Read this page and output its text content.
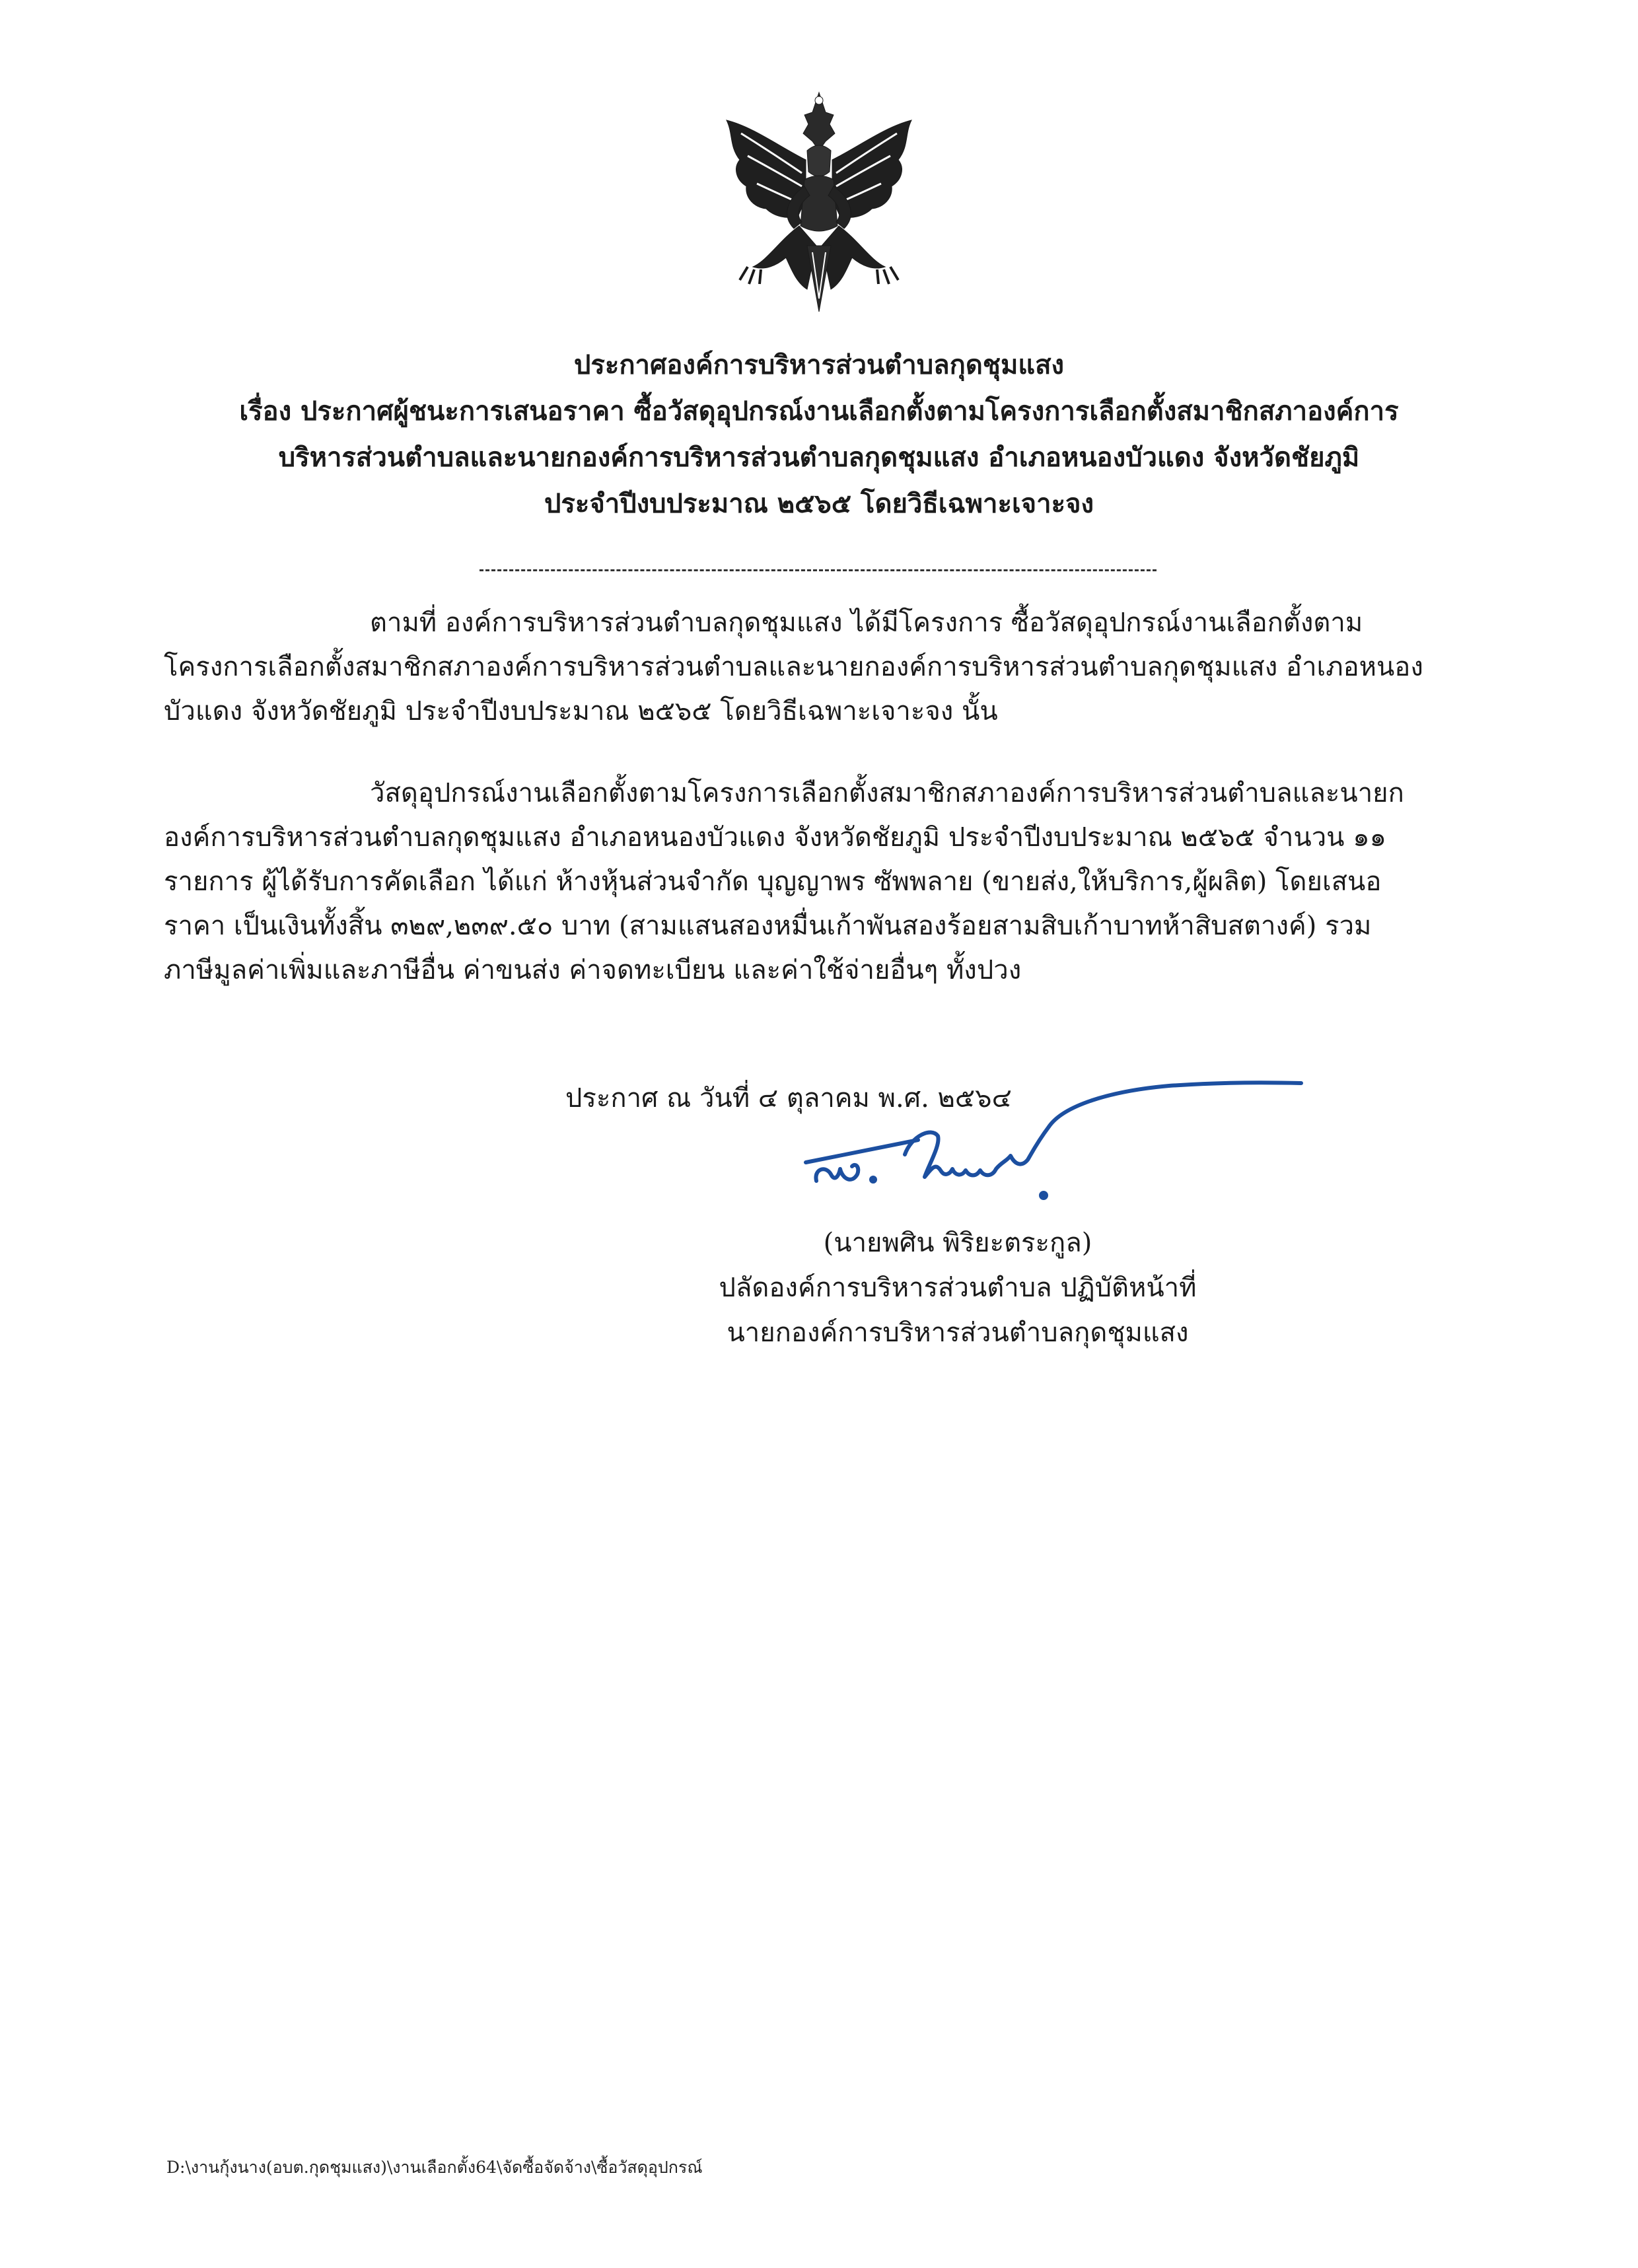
ประกาศองค์การบริหารส่วนตำบลกุดชุมแสง
เรื่อง ประกาศผู้ชนะการเสนอราคา ซื้อวัสดุอุปกรณ์งานเลือกตั้งตามโครงการเลือกตั้งสมาชิกสภาองค์การ
บริหารส่วนตำบลและนายกองค์การบริหารส่วนตำบลกุดชุมแสง อำเภอหนองบัวแดง จังหวัดชัยภูมิ
ประจำปีงบประมาณ ๒๕๖๕ โดยวิธีเฉพาะเจาะจง
ตามที่ องค์การบริหารส่วนตำบลกุดชุมแสง ได้มีโครงการ ซื้อวัสดุอุปกรณ์งานเลือกตั้งตาม
โครงการเลือกตั้งสมาชิกสภาองค์การบริหารส่วนตำบลและนายกองค์การบริหารส่วนตำบลกุดชุมแสง อำเภอหนอง
บัวแดง จังหวัดชัยภูมิ ประจำปีงบประมาณ ๒๕๖๕ โดยวิธีเฉพาะเจาะจง นั้น
วัสดุอุปกรณ์งานเลือกตั้งตามโครงการเลือกตั้งสมาชิกสภาองค์การบริหารส่วนตำบลและนายก
องค์การบริหารส่วนตำบลกุดชุมแสง อำเภอหนองบัวแดง จังหวัดชัยภูมิ ประจำปีงบประมาณ ๒๕๖๕ จำนวน ๑๑
รายการ ผู้ได้รับการคัดเลือก ได้แก่ ห้างหุ้นส่วนจำกัด บุญญาพร ซัพพลาย (ขายส่ง,ให้บริการ,ผู้ผลิต) โดยเสนอ
ราคา เป็นเงินทั้งสิ้น ๓๒๙,๒๓๙.๕๐ บาท (สามแสนสองหมื่นเก้าพันสองร้อยสามสิบเก้าบาทห้าสิบสตางค์) รวม
ภาษีมูลค่าเพิ่มและภาษีอื่น ค่าขนส่ง ค่าจดทะเบียน และค่าใช้จ่ายอื่นๆ ทั้งปวง
ประกาศ ณ วันที่ ๔ ตุลาคม พ.ศ. ๒๕๖๔
(นายพศิน พิริยะตระกูล)
ปลัดองค์การบริหารส่วนตำบล ปฏิบัติหน้าที่
นายกองค์การบริหารส่วนตำบลกุดชุมแสง
D:\งานกุ้งนาง(อบต.กุดชุมแสง)\งานเลือกตั้ง64\จัดซื้อจัดจ้าง\ซื้อวัสดุอุปกรณ์
